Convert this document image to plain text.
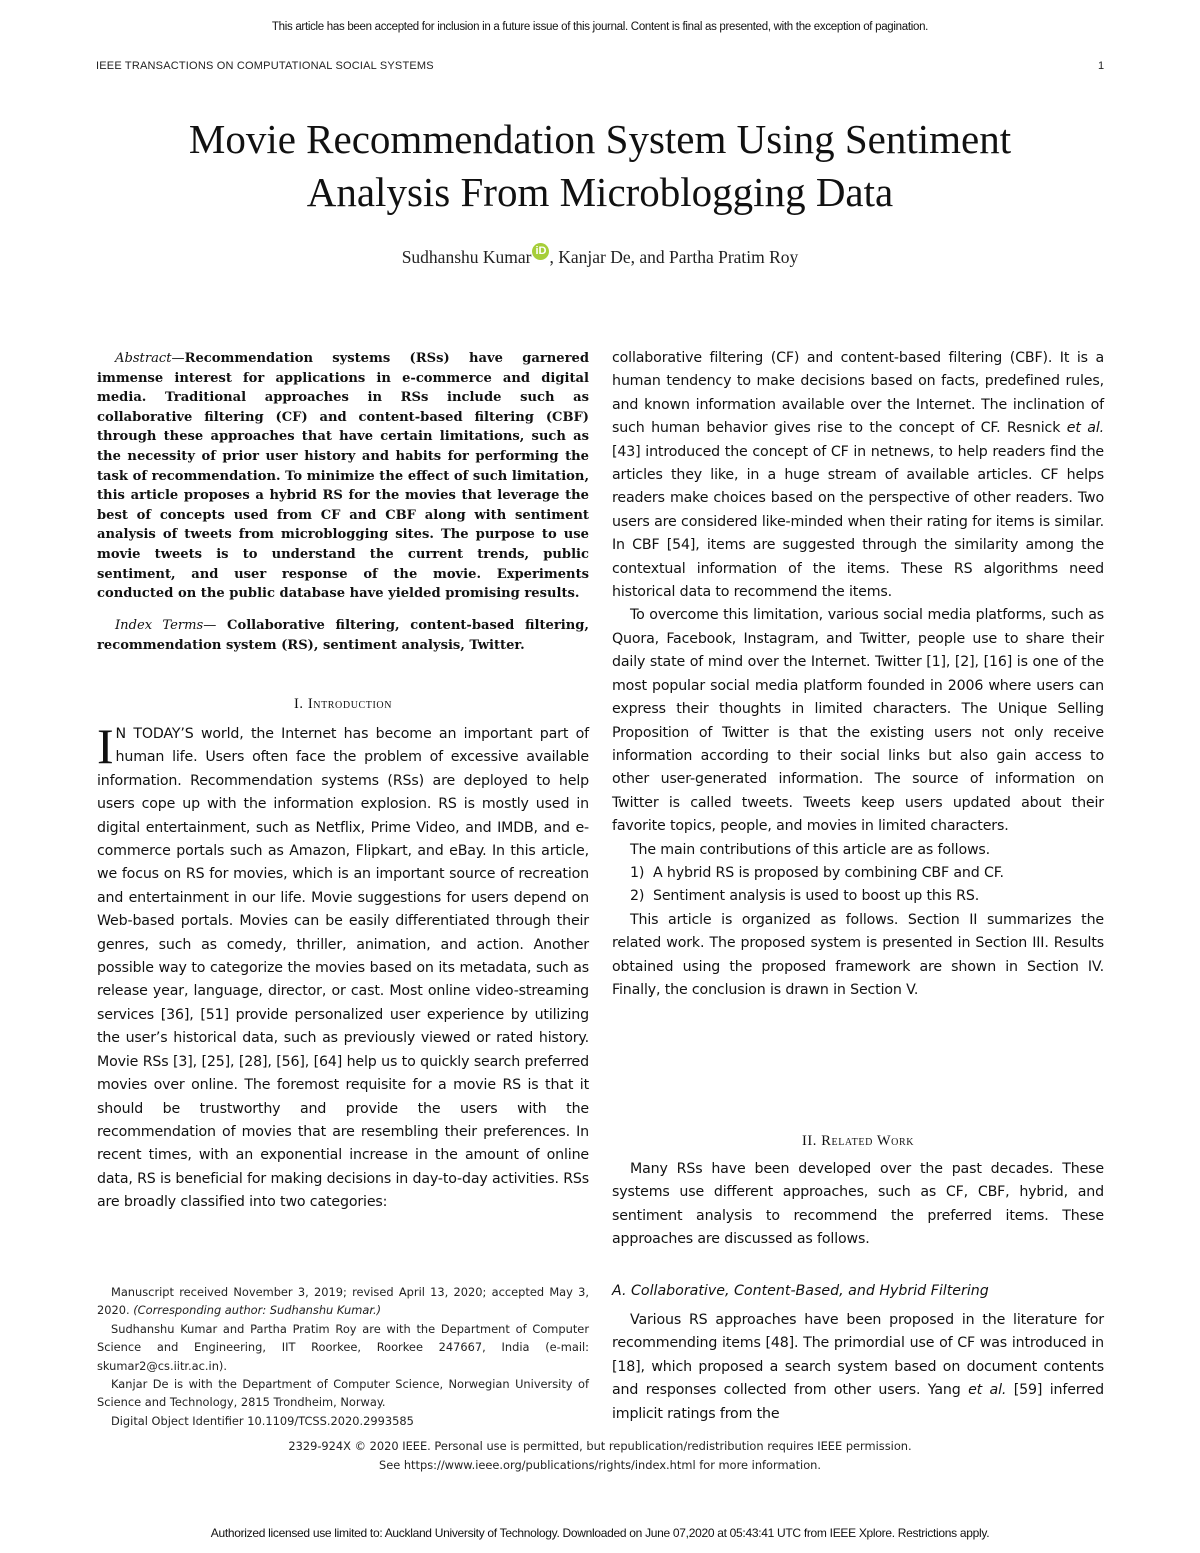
This article has been accepted for inclusion in a future issue of this journal. Content is final as presented, with the exception of pagination.
IEEE TRANSACTIONS ON COMPUTATIONAL SOCIAL SYSTEMS	1
Movie Recommendation System Using Sentiment
Analysis From Microblogging Data
Sudhanshu Kumar iD , Kanjar De, and Partha Pratim Roy
Abstract—Recommendation systems (RSs) have garnered immense interest for applications in e-commerce and digital media. Traditional approaches in RSs include such as collaborative filtering (CF) and content-based filtering (CBF) through these approaches that have certain limitations, such as the necessity of prior user history and habits for performing the task of recommendation. To minimize the effect of such limitation, this article proposes a hybrid RS for the movies that leverage the best of concepts used from CF and CBF along with sentiment analysis of tweets from microblogging sites. The purpose to use movie tweets is to understand the current trends, public sentiment, and user response of the movie. Experiments conducted on the public database have yielded promising results.
Index Terms— Collaborative filtering, content-based filtering, recommendation system (RS), sentiment analysis, Twitter.
I. Introduction

I N TODAY’S world, the Internet has become an important part of human life. Users often face the problem of excessive available information. Recommendation systems (RSs) are deployed to help users cope up with the information explosion. RS is mostly used in digital entertainment, such as Netflix, Prime Video, and IMDB, and e-commerce portals such as Amazon, Flipkart, and eBay. In this article, we focus on RS for movies, which is an important source of recreation and entertainment in our life. Movie suggestions for users depend on Web-based portals. Movies can be easily differentiated through their genres, such as comedy, thriller, animation, and action. Another possible way to categorize the movies based on its metadata, such as release year, language, director, or cast. Most online video-streaming services [36], [51] provide personalized user experience by utilizing the user’s historical data, such as previously viewed or rated history. Movie RSs [3], [25], [28], [56], [64] help us to quickly search preferred movies over online. The foremost requisite for a movie RS is that it should be trustworthy and provide the users with the recommendation of movies that are resembling their preferences. In recent times, with an exponential increase in the amount of online data, RS is beneficial for making decisions in day-to-day activities. RSs are broadly classified into two categories:

Manuscript received November 3, 2019; revised April 13, 2020; accepted May 3, 2020. (Corresponding author: Sudhanshu Kumar.)

Sudhanshu Kumar and Partha Pratim Roy are with the Department of Computer Science and Engineering, IIT Roorkee, Roorkee 247667, India (e-mail: skumar2@cs.iitr.ac.in).

Kanjar De is with the Department of Computer Science, Norwegian University of Science and Technology, 2815 Trondheim, Norway.

Digital Object Identifier 10.1109/TCSS.2020.2993585

collaborative filtering (CF) and content-based filtering (CBF). It is a human tendency to make decisions based on facts, predefined rules, and known information available over the Internet. The inclination of such human behavior gives rise to the concept of CF. Resnick et al. [43] introduced the concept of CF in netnews, to help readers find the articles they like, in a huge stream of available articles. CF helps readers make choices based on the perspective of other readers. Two users are considered like-minded when their rating for items is similar. In CBF [54], items are suggested through the similarity among the contextual information of the items. These RS algorithms need historical data to recommend the items.

To overcome this limitation, various social media platforms, such as Quora, Facebook, Instagram, and Twitter, people use to share their daily state of mind over the Internet. Twitter [1], [2], [16] is one of the most popular social media platform founded in 2006 where users can express their thoughts in limited characters. The Unique Selling Proposition of Twitter is that the existing users not only receive information according to their social links but also gain access to other user-generated information. The source of information on Twitter is called tweets. Tweets keep users updated about their favorite topics, people, and movies in limited characters.

The main contributions of this article are as follows.

1)  A hybrid RS is proposed by combining CBF and CF.

2)  Sentiment analysis is used to boost up this RS.

This article is organized as follows. Section II summarizes the related work. The proposed system is presented in Section III. Results obtained using the proposed framework are shown in Section IV. Finally, the conclusion is drawn in Section V.

II. Related Work

Many RSs have been developed over the past decades. These systems use different approaches, such as CF, CBF, hybrid, and sentiment analysis to recommend the preferred items. These approaches are discussed as follows.

A. Collaborative, Content-Based, and Hybrid Filtering

Various RS approaches have been proposed in the literature for recommending items [48]. The primordial use of CF was introduced in [18], which proposed a search system based on document contents and responses collected from other users. Yang et al. [59] inferred implicit ratings from the

2329-924X © 2020 IEEE. Personal use is permitted, but republication/redistribution requires IEEE permission.
See https://www.ieee.org/publications/rights/index.html for more information.
Authorized licensed use limited to: Auckland University of Technology. Downloaded on June 07,2020 at 05:43:41 UTC from IEEE Xplore. Restrictions apply.
